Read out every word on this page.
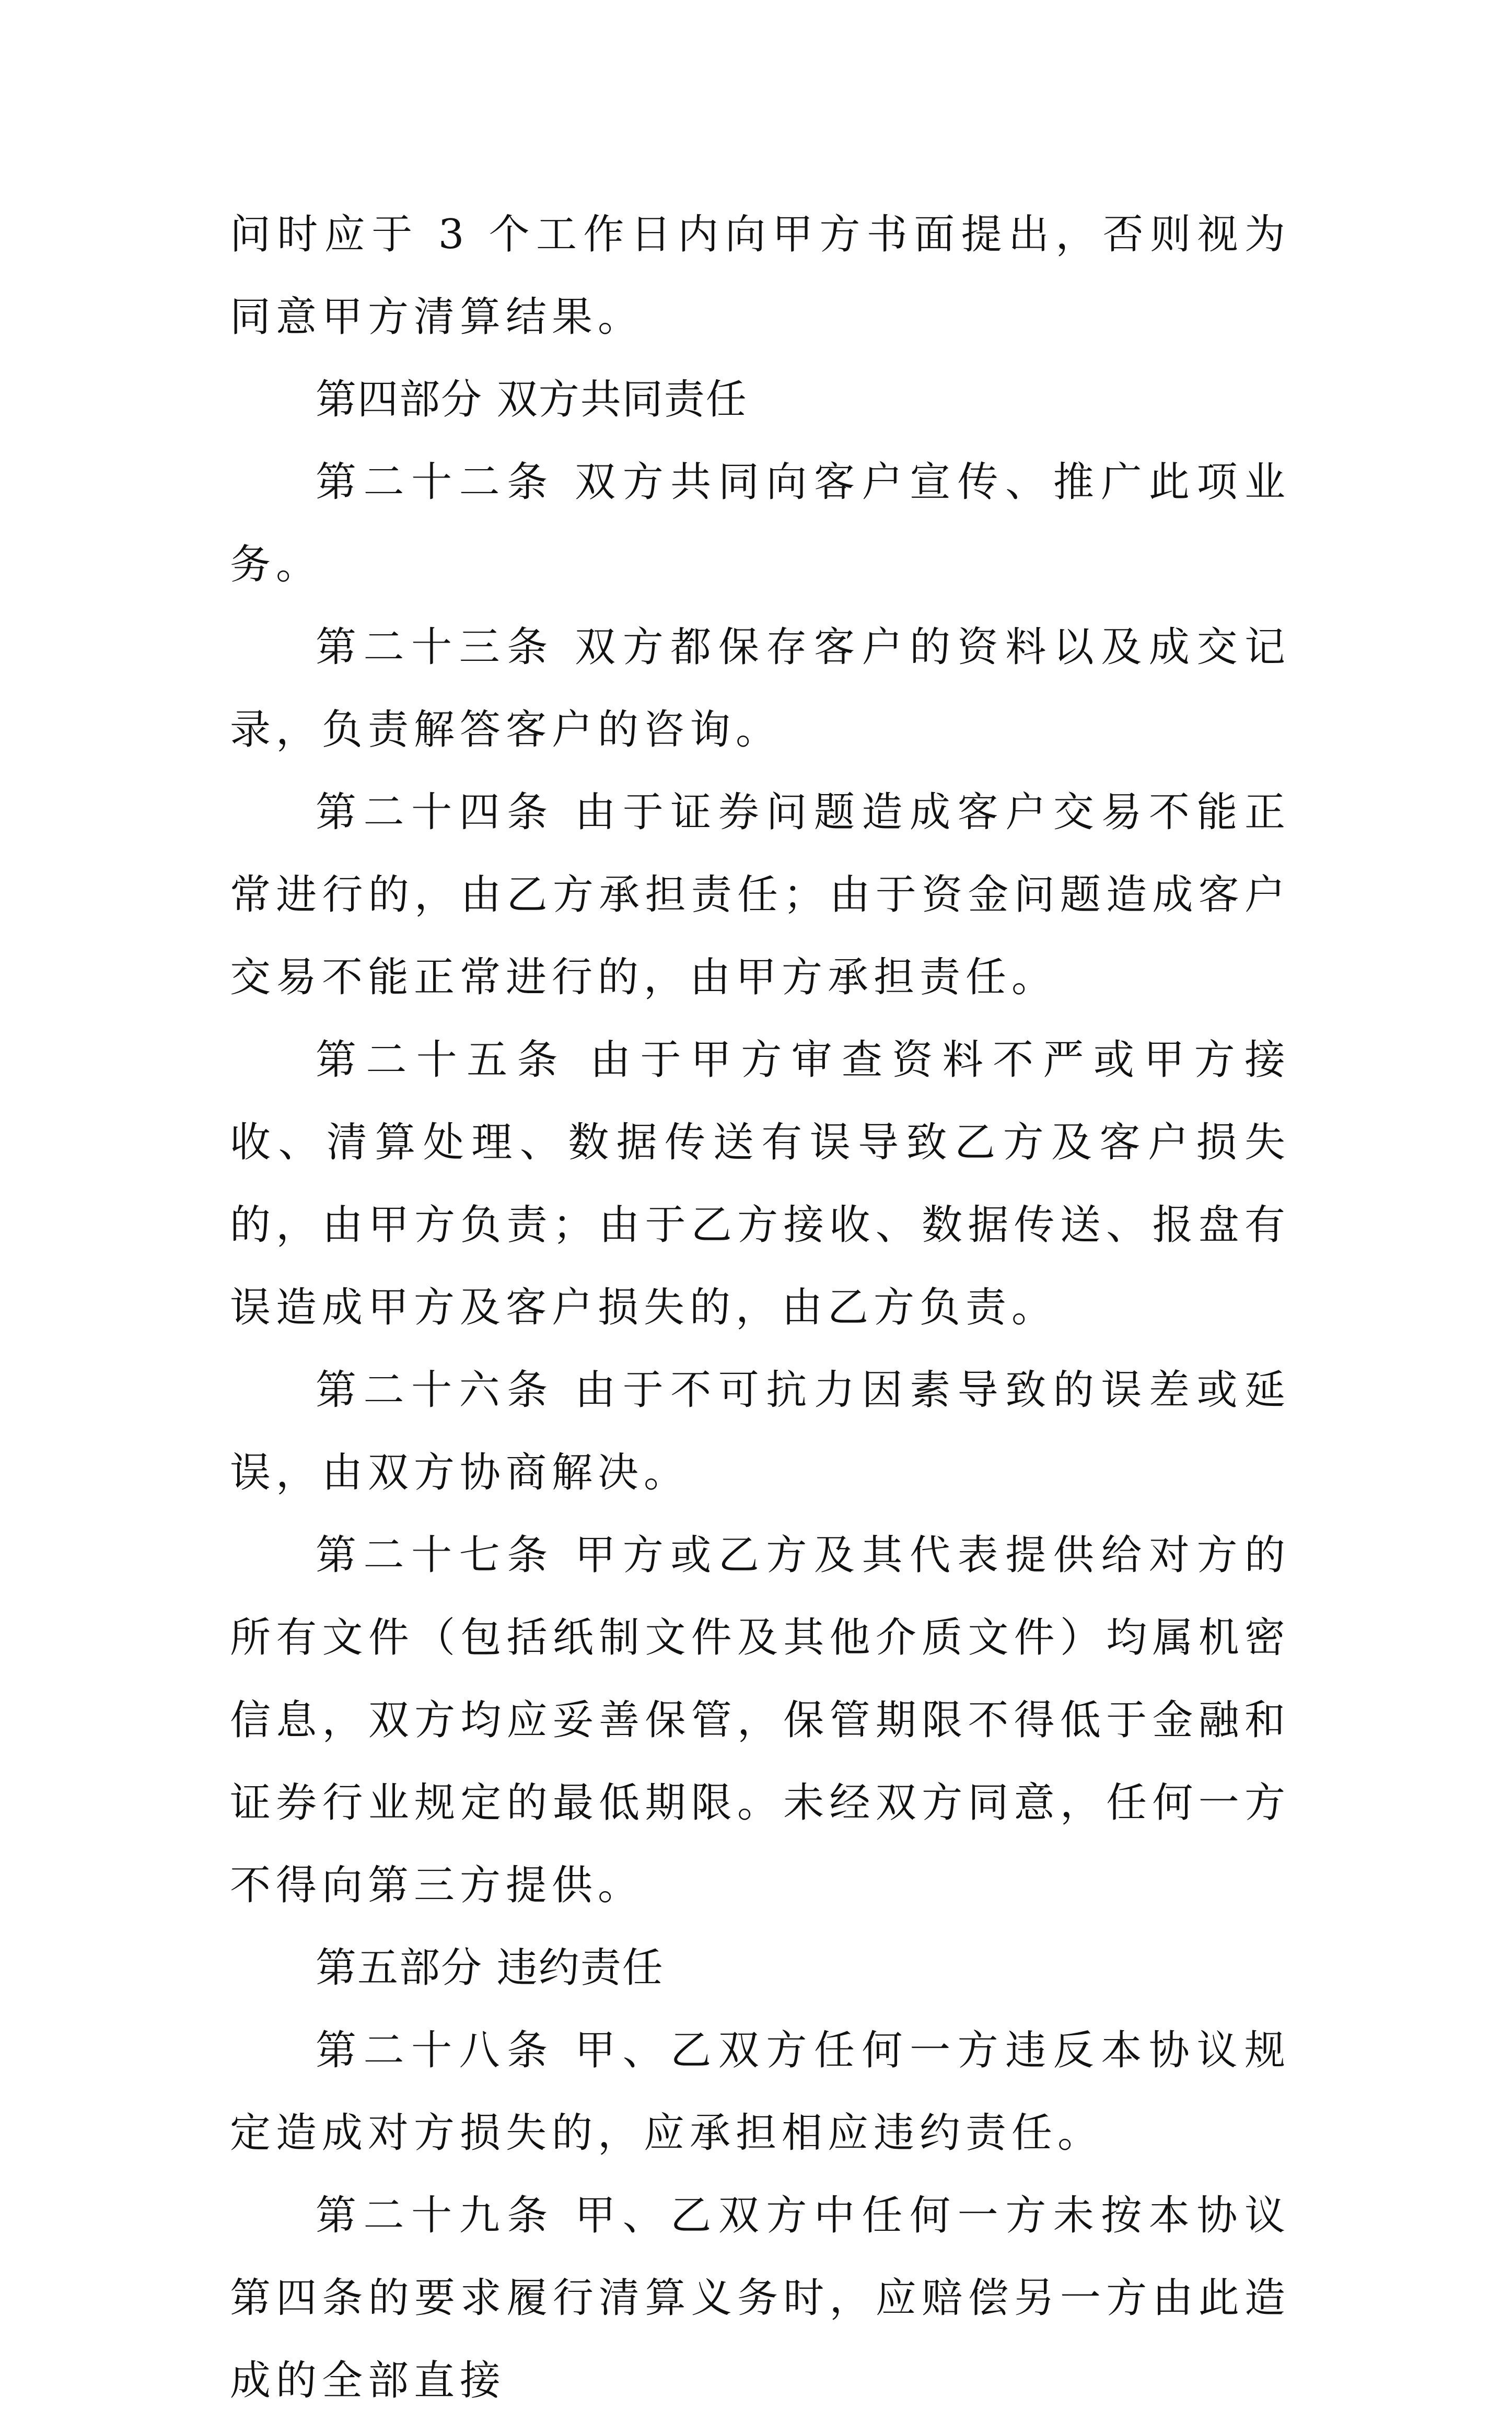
问时应于 3 个工作日内向甲方书面提出，否则视为同意甲方清算结果。

第四部分 双方共同责任

第二十二条 双方共同向客户宣传、推广此项业务。

第二十三条 双方都保存客户的资料以及成交记录，负责解答客户的咨询。

第二十四条 由于证券问题造成客户交易不能正常进行的，由乙方承担责任；由于资金问题造成客户交易不能正常进行的，由甲方承担责任。

第二十五条 由于甲方审查资料不严或甲方接收、清算处理、数据传送有误导致乙方及客户损失的，由甲方负责；由于乙方接收、数据传送、报盘有误造成甲方及客户损失的，由乙方负责。

第二十六条 由于不可抗力因素导致的误差或延误，由双方协商解决。

第二十七条 甲方或乙方及其代表提供给对方的所有文件（包括纸制文件及其他介质文件）均属机密信息，双方均应妥善保管，保管期限不得低于金融和证券行业规定的最低期限。未经双方同意，任何一方不得向第三方提供。

第五部分 违约责任

第二十八条 甲、乙双方任何一方违反本协议规定造成对方损失的，应承担相应违约责任。

第二十九条 甲、乙双方中任何一方未按本协议第四条的要求履行清算义务时，应赔偿另一方由此造成的全部直接
